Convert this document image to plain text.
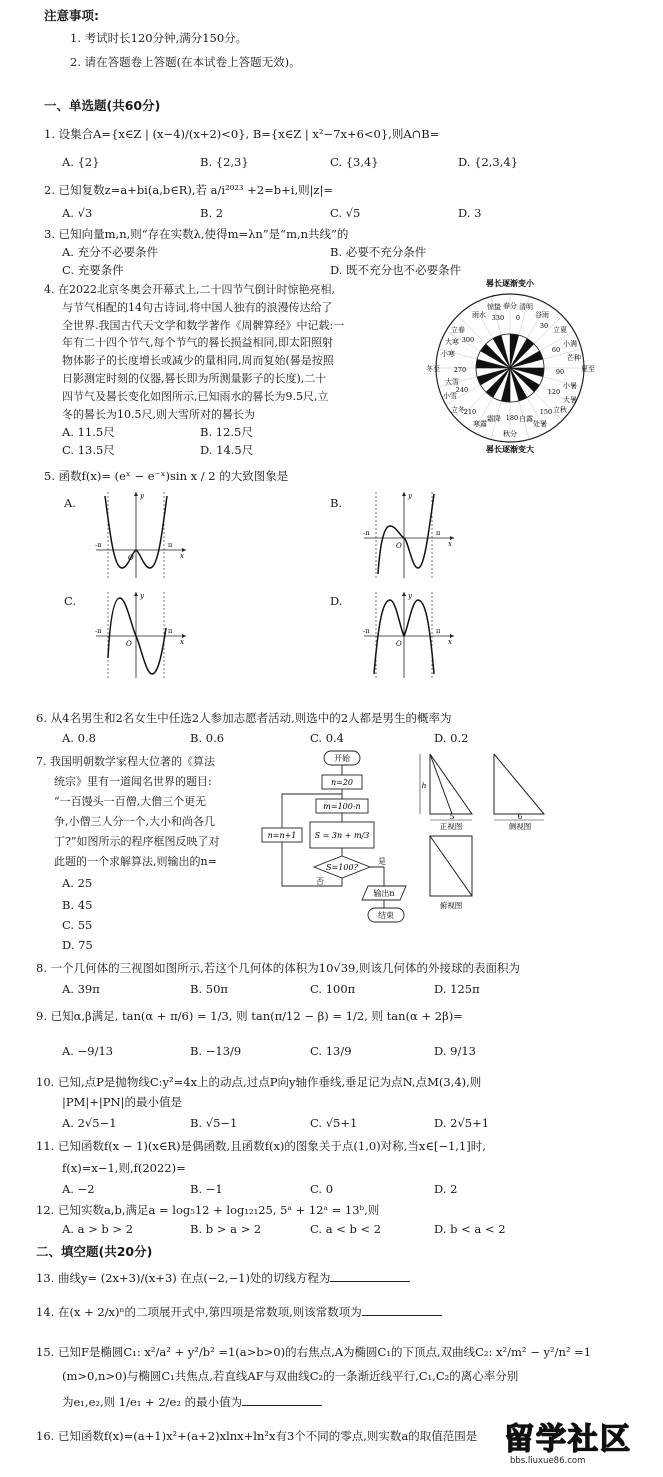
注意事项:
1. 考试时长120分钟,满分150分。
2. 请在答题卷上答题(在本试卷上答题无效)。
一、单选题(共60分)
1. 设集合A={x∈Z | (x−4)/(x+2)<0}, B={x∈Z | x²−7x+6<0},则A∩B=
A. {2}	B. {2,3}	C. {3,4}	D. {2,3,4}
2. 已知复数z=a+bi(a,b∈R),若 a/i²⁰²³ +2=b+i,则|z|=
A. √3	B. 2	C. √5	D. 3
3. 已知向量m,n,则“存在实数λ,使得m=λn”是“m,n共线”的
A. 充分不必要条件	B. 必要不充分条件
C. 充要条件	D. 既不充分也不必要条件
4. 在2022北京冬奥会开幕式上,二十四节气倒计时惊艳亮相,
与节气相配的14句古诗词,将中国人独有的浪漫传达给了
全世界.我国古代天文学和数学著作《周髀算经》中记载:一
年有二十四个节气,每个节气的晷长损益相同,即太阳照射
物体影子的长度增长或减少的量相同,周而复始(晷是按照
日影测定时刻的仪器,晷长即为所测量影子的长度),二十
四节气及晷长变化如图所示,已知雨水的晷长为9.5尺,立
冬的晷长为10.5尺,则大雪所对的晷长为
A. 11.5尺	B. 12.5尺
C. 13.5尺	D. 14.5尺
晷长逐渐变小
晷长逐渐变大
春分
秋分
冬至	夏至
立春	立夏
立秋
立冬
雨水
惊蛰	清明
谷雨
小满
芒种
小暑
大暑
处暑
白露
寒露
霜降
小雪
大雪
小寒
大寒
330
300
0
30
60
90
120
150
180
210
240
270
5. 函数f(x)= (eˣ − e⁻ˣ)sin x / 2 的大致图象是
A.	B.
C.	D.
y
x
O
-π	π
y
x
O
-π	π
y
x
O
-π	π
y
x
O
-π	π
6. 从4名男生和2名女生中任选2人参加志愿者活动,则选中的2人都是男生的概率为
A. 0.8	B. 0.6	C. 0.4	D. 0.2
7. 我国明朝数学家程大位著的《算法
统宗》里有一道闻名世界的题目:
“一百馒头一百僧,大僧三个更无
争,小僧三人分一个,大小和尚各几
丁?”如图所示的程序框图反映了对
此题的一个求解算法,则输出的n=
A. 25
B. 45
C. 55
D. 75
开始
n=20
m=100-n
S = 3n + m/3
S=100?
是
否
n=n+1
输出n
结束
h
5	6
正视图	侧视图
俯视图
8. 一个几何体的三视图如图所示,若这个几何体的体积为10√39,则该几何体的外接球的表面积为
A. 39π	B. 50π	C. 100π	D. 125π
9. 已知α,β满足, tan(α + π/6) = 1/3, 则 tan(π/12 − β) = 1/2, 则 tan(α + 2β)=
A. −9/13	B. −13/9	C. 13/9	D. 9/13
10. 已知,点P是抛物线C:y²=4x上的动点,过点P向y轴作垂线,垂足记为点N,点M(3,4),则
|PM|+|PN|的最小值是
A. 2√5−1	B. √5−1	C. √5+1	D. 2√5+1
11. 已知函数f(x − 1)(x∈R)是偶函数,且函数f(x)的图象关于点(1,0)对称,当x∈[−1,1]时,
f(x)=x−1,则,f(2022)=
A. −2	B. −1	C. 0	D. 2
12. 已知实数a,b,满足a = log₅12 + log₁₂₁25, 5ᵃ + 12ᵃ = 13ᵇ,则
A. a > b > 2	B. b > a > 2	C. a < b < 2	D. b < a < 2
二、填空题(共20分)
13. 曲线y= (2x+3)/(x+3) 在点(−2,−1)处的切线方程为
14. 在(x + 2/x)ⁿ的二项展开式中,第四项是常数项,则该常数项为
15. 已知F是椭圆C₁: x²/a² + y²/b² =1(a>b>0)的右焦点,A为椭圆C₁的下顶点,双曲线C₂: x²/m² − y²/n² =1
(m>0,n>0)与椭圆C₁共焦点,若直线AF与双曲线C₂的一条渐近线平行,C₁,C₂的离心率分别
为e₁,e₂,则 1/e₁ + 2/e₂ 的最小值为
16. 已知函数f(x)=(a+1)x²+(a+2)xlnx+ln²x有3个不同的零点,则实数a的取值范围是 留学社区
bbs.liuxue86.com
